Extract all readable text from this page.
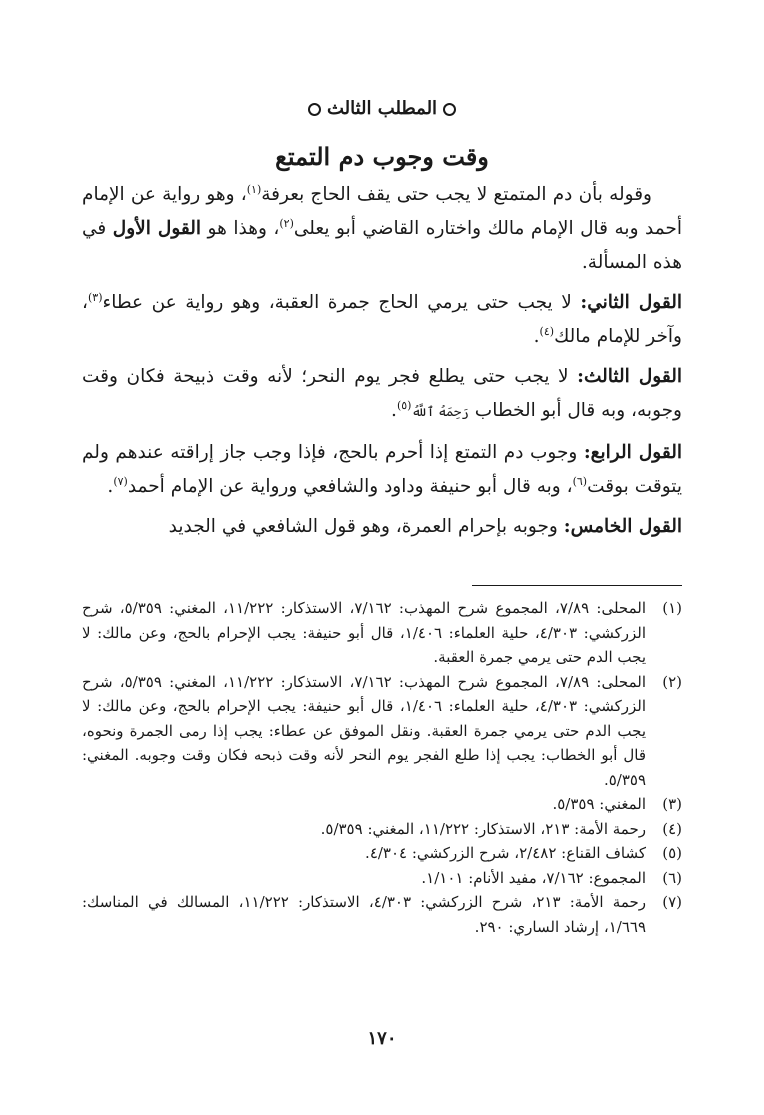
المطلب الثالث
وقت وجوب دم التمتع

وقوله بأن دم المتمتع لا يجب حتى يقف الحاج بعرفة$^{(١)}$، وهو رواية عن الإمام أحمد وبه قال الإمام مالك واختاره القاضي أبو يعلى$^{(٢)}$، وهذا هو القول الأول في هذه المسألة.

القول الثاني: لا يجب حتى يرمي الحاج جمرة العقبة، وهو رواية عن عطاء$^{(٣)}$، وآخر للإمام مالك$^{(٤)}$.

القول الثالث: لا يجب حتى يطلع فجر يوم النحر؛ لأنه وقت ذبيحة فكان وقت وجوبه، وبه قال أبو الخطاب رَحِمَهُ ٱللَّهُ$^{(٥)}$.

القول الرابع: وجوب دم التمتع إذا أحرم بالحج، فإذا وجب جاز إراقته عندهم ولم يتوقت بوقت$^{(٦)}$، وبه قال أبو حنيفة وداود والشافعي ورواية عن الإمام أحمد$^{(٧)}$.

القول الخامس: وجوبه بإحرام العمرة، وهو قول الشافعي في الجديد

(١)
المحلى: ٧/٨٩، المجموع شرح المهذب: ٧/١٦٢، الاستذكار: ١١/٢٢٢، المغني: ٥/٣٥٩، شرح الزركشي: ٤/٣٠٣، حلية العلماء: ١/٤٠٦، قال أبو حنيفة: يجب الإحرام بالحج، وعن مالك: لا يجب الدم حتى يرمي جمرة العقبة.
(٢)
المحلى: ٧/٨٩، المجموع شرح المهذب: ٧/١٦٢، الاستذكار: ١١/٢٢٢، المغني: ٥/٣٥٩، شرح الزركشي: ٤/٣٠٣، حلية العلماء: ١/٤٠٦، قال أبو حنيفة: يجب الإحرام بالحج، وعن مالك: لا يجب الدم حتى يرمي جمرة العقبة. ونقل الموفق عن عطاء: يجب إذا رمى الجمرة ونحوه، قال أبو الخطاب: يجب إذا طلع الفجر يوم النحر لأنه وقت ذبحه فكان وقت وجوبه. المغني: ٥/٣٥٩.
(٣)
المغني: ٥/٣٥٩.
(٤)
رحمة الأمة: ٢١٣، الاستذكار: ١١/٢٢٢، المغني: ٥/٣٥٩.
(٥)
كشاف القناع: ٢/٤٨٢، شرح الزركشي: ٤/٣٠٤.
(٦)
المجموع: ٧/١٦٢، مفيد الأنام: ١/١٠١.
(٧)
رحمة الأمة: ٢١٣، شرح الزركشي: ٤/٣٠٣، الاستذكار: ١١/٢٢٢، المسالك في المناسك: ١/٦٦٩، إرشاد الساري: ٢٩٠.
١٧٠
